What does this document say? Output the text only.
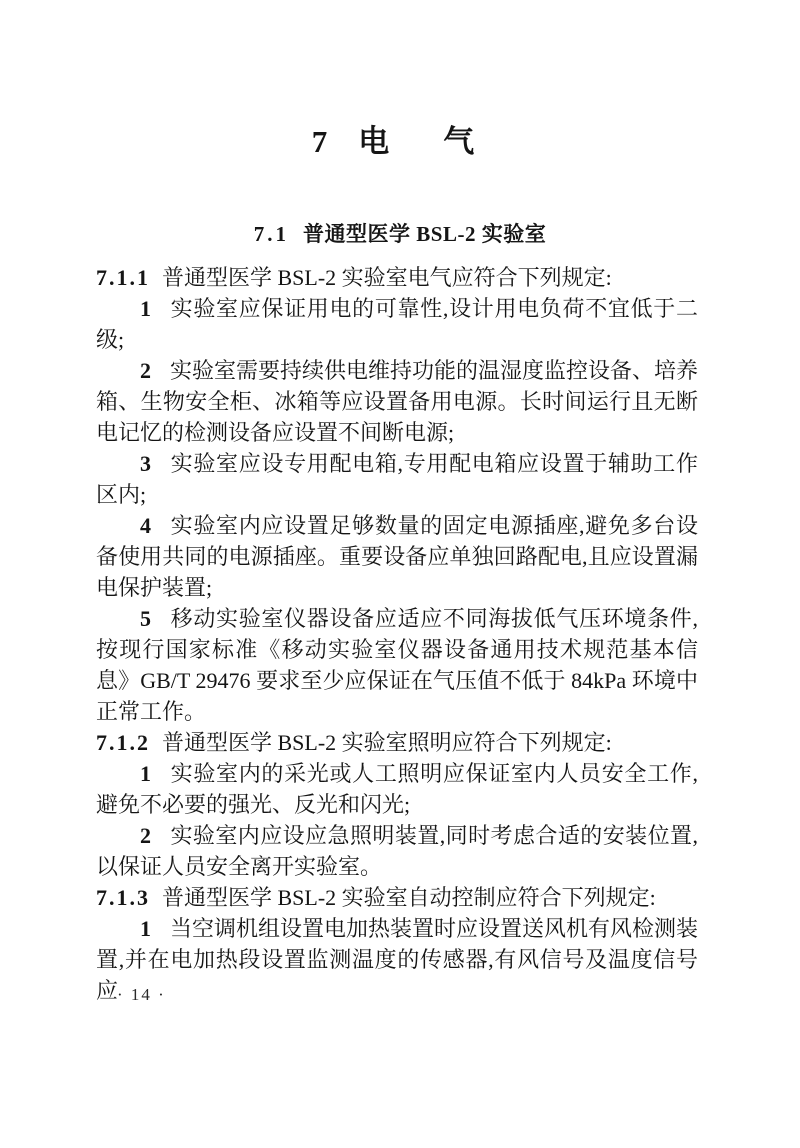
7 电 气
7.1 普通型医学 BSL-2 实验室

7.1.1 普通型医学 BSL-2 实验室电气应符合下列规定:

1 实验室应保证用电的可靠性,设计用电负荷不宜低于二级;

2 实验室需要持续供电维持功能的温湿度监控设备、培养箱、生物安全柜、冰箱等应设置备用电源。长时间运行且无断电记忆的检测设备应设置不间断电源;

3 实验室应设专用配电箱,专用配电箱应设置于辅助工作区内;

4 实验室内应设置足够数量的固定电源插座,避免多台设备使用共同的电源插座。重要设备应单独回路配电,且应设置漏电保护装置;

5 移动实验室仪器设备应适应不同海拔低气压环境条件,按现行国家标准《移动实验室仪器设备通用技术规范基本信息》GB/T 29476 要求至少应保证在气压值不低于 84kPa 环境中正常工作。

7.1.2 普通型医学 BSL-2 实验室照明应符合下列规定:

1 实验室内的采光或人工照明应保证室内人员安全工作,避免不必要的强光、反光和闪光;

2 实验室内应设应急照明装置,同时考虑合适的安装位置,以保证人员安全离开实验室。

7.1.3 普通型医学 BSL-2 实验室自动控制应符合下列规定:

1 当空调机组设置电加热装置时应设置送风机有风检测装置,并在电加热段设置监测温度的传感器,有风信号及温度信号应

· 14 ·
